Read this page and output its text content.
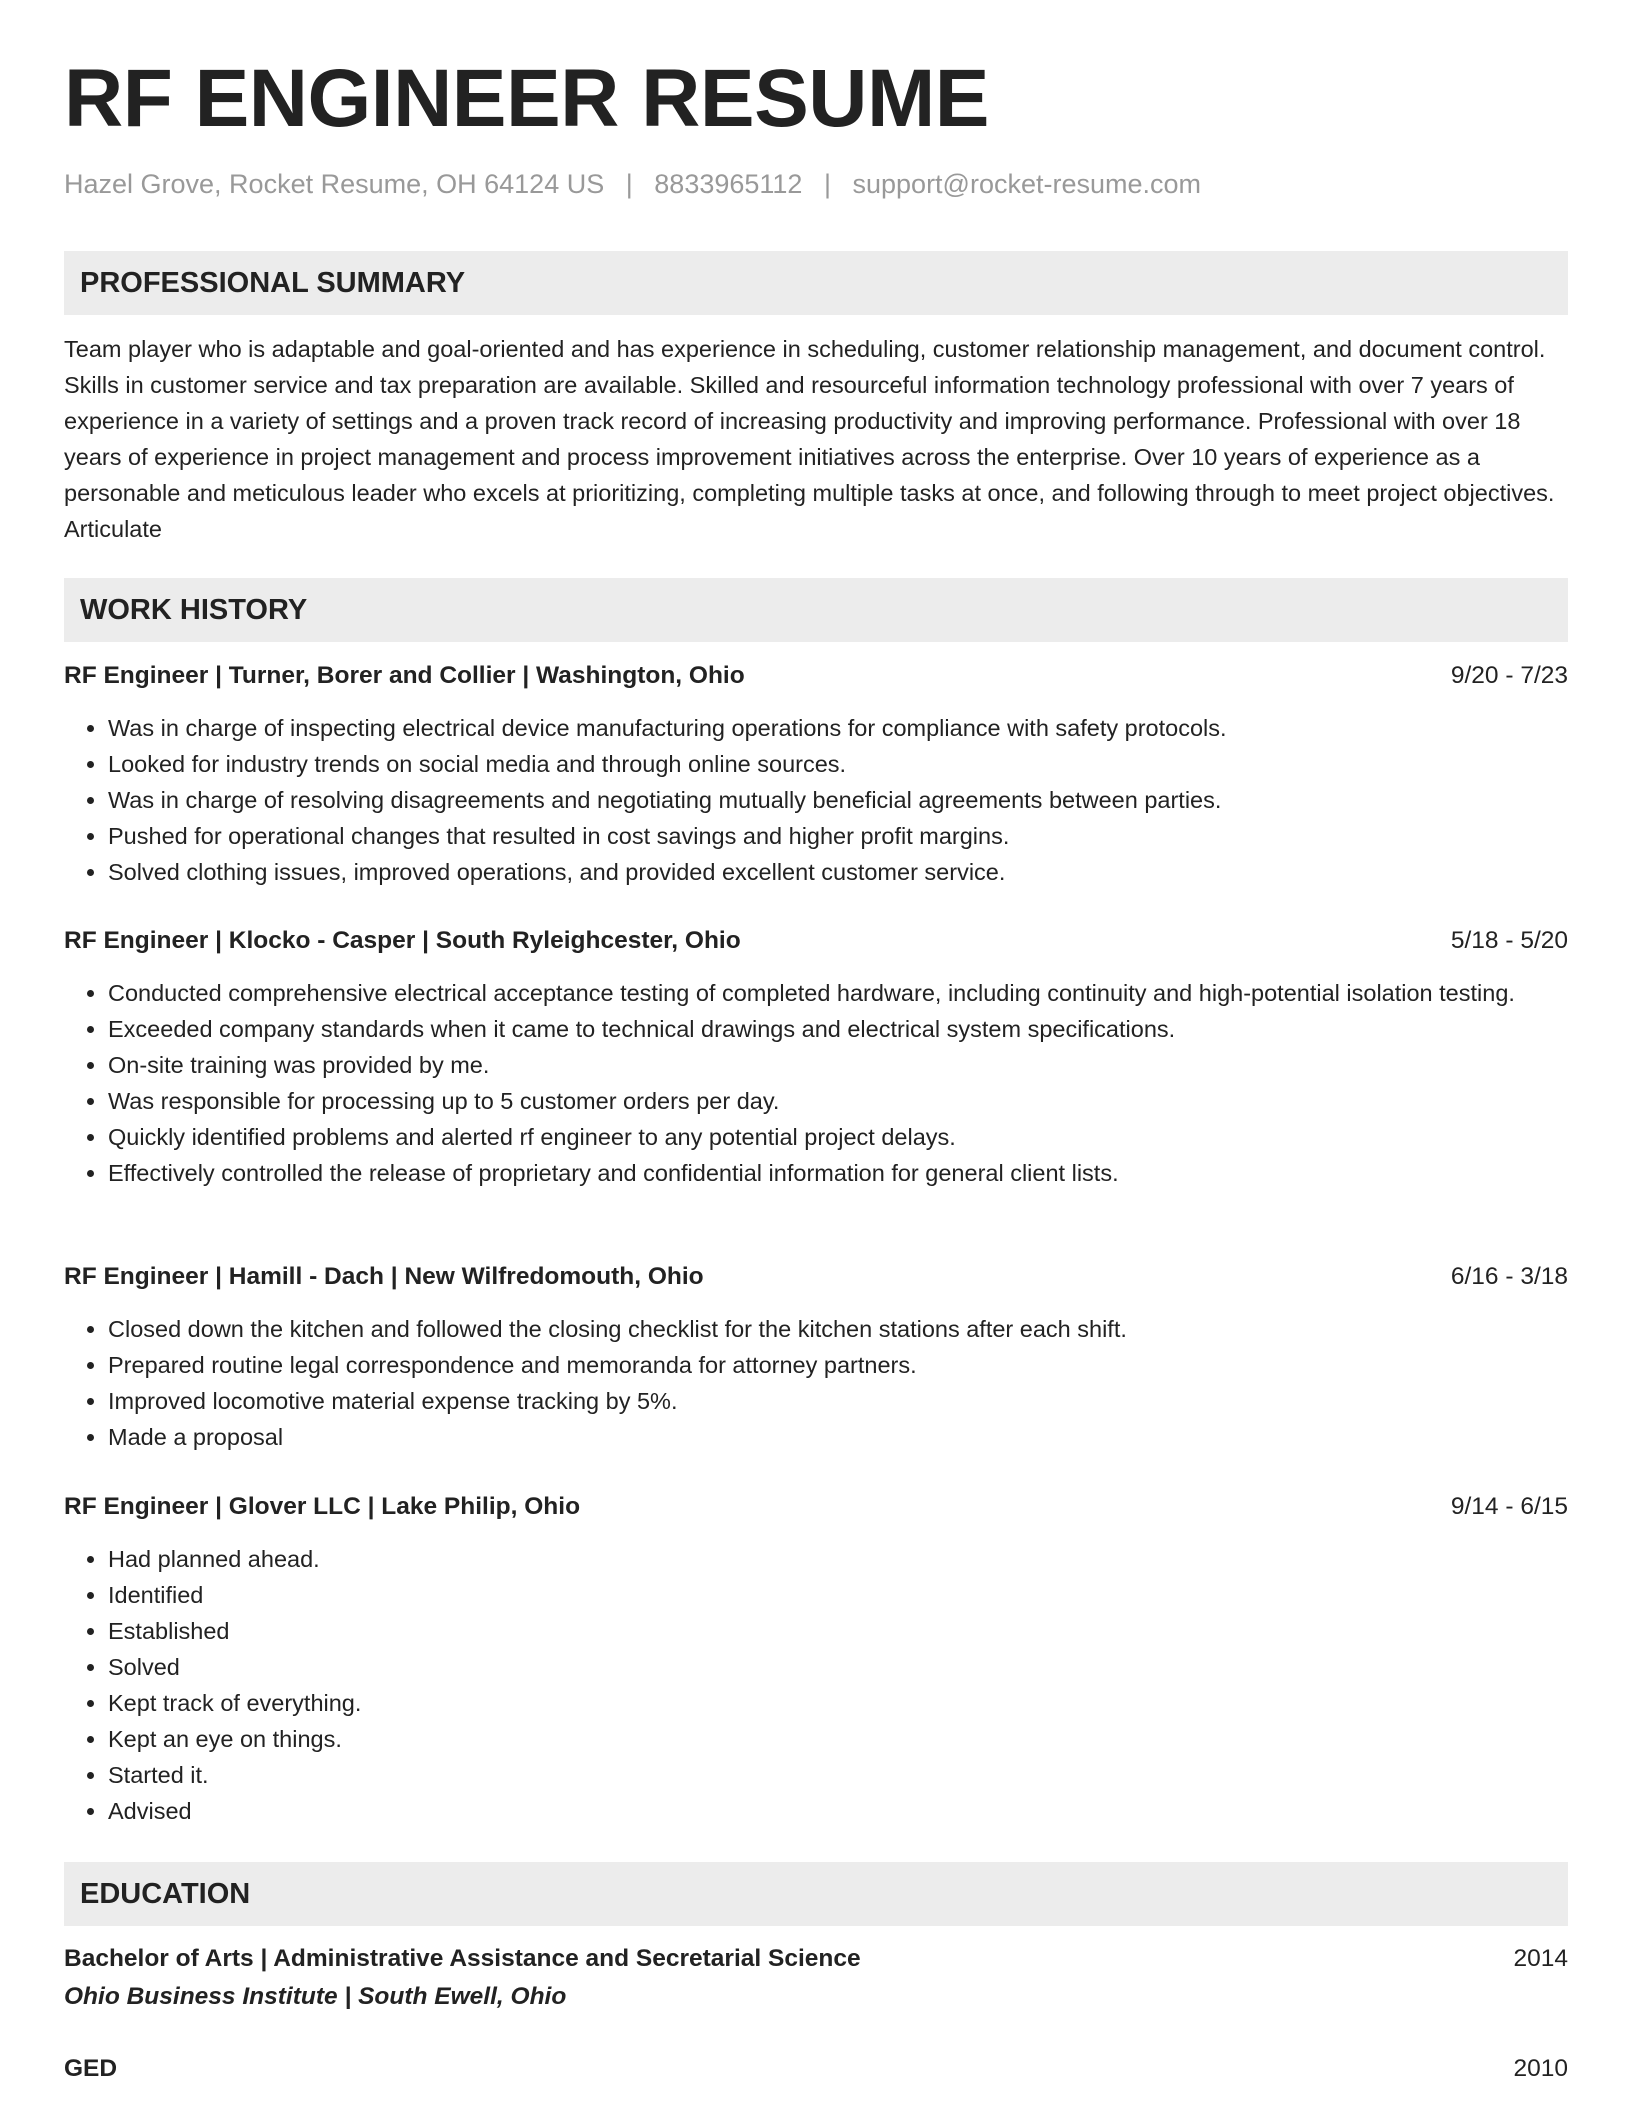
RF ENGINEER RESUME
Hazel Grove, Rocket Resume, OH 64124 US | 8833965112 | support@rocket-resume.com
PROFESSIONAL SUMMARY

Team player who is adaptable and goal-oriented and has experience in scheduling, customer relationship management, and document control. Skills in customer service and tax preparation are available. Skilled and resourceful information technology professional with over 7 years of experience in a variety of settings and a proven track record of increasing productivity and improving performance. Professional with over 18 years of experience in project management and process improvement initiatives across the enterprise. Over 10 years of experience as a personable and meticulous leader who excels at prioritizing, completing multiple tasks at once, and following through to meet project objectives. Articulate

WORK HISTORY
RF Engineer | Turner, Borer and Collier | Washington, Ohio	9/20 - 7/23
• Was in charge of inspecting electrical device manufacturing operations for compliance with safety protocols.
• Looked for industry trends on social media and through online sources.
• Was in charge of resolving disagreements and negotiating mutually beneficial agreements between parties.
• Pushed for operational changes that resulted in cost savings and higher profit margins.
• Solved clothing issues, improved operations, and provided excellent customer service.
RF Engineer | Klocko - Casper | South Ryleighcester, Ohio	5/18 - 5/20
• Conducted comprehensive electrical acceptance testing of completed hardware, including continuity and high-potential isolation testing.
• Exceeded company standards when it came to technical drawings and electrical system specifications.
• On-site training was provided by me.
• Was responsible for processing up to 5 customer orders per day.
• Quickly identified problems and alerted rf engineer to any potential project delays.
• Effectively controlled the release of proprietary and confidential information for general client lists.
RF Engineer | Hamill - Dach | New Wilfredomouth, Ohio	6/16 - 3/18
• Closed down the kitchen and followed the closing checklist for the kitchen stations after each shift.
• Prepared routine legal correspondence and memoranda for attorney partners.
• Improved locomotive material expense tracking by 5%.
• Made a proposal
RF Engineer | Glover LLC | Lake Philip, Ohio	9/14 - 6/15
• Had planned ahead.
• Identified
• Established
• Solved
• Kept track of everything.
• Kept an eye on things.
• Started it.
• Advised
EDUCATION
Bachelor of Arts | Administrative Assistance and Secretarial Science	2014
Ohio Business Institute | South Ewell, Ohio
GED	2010
